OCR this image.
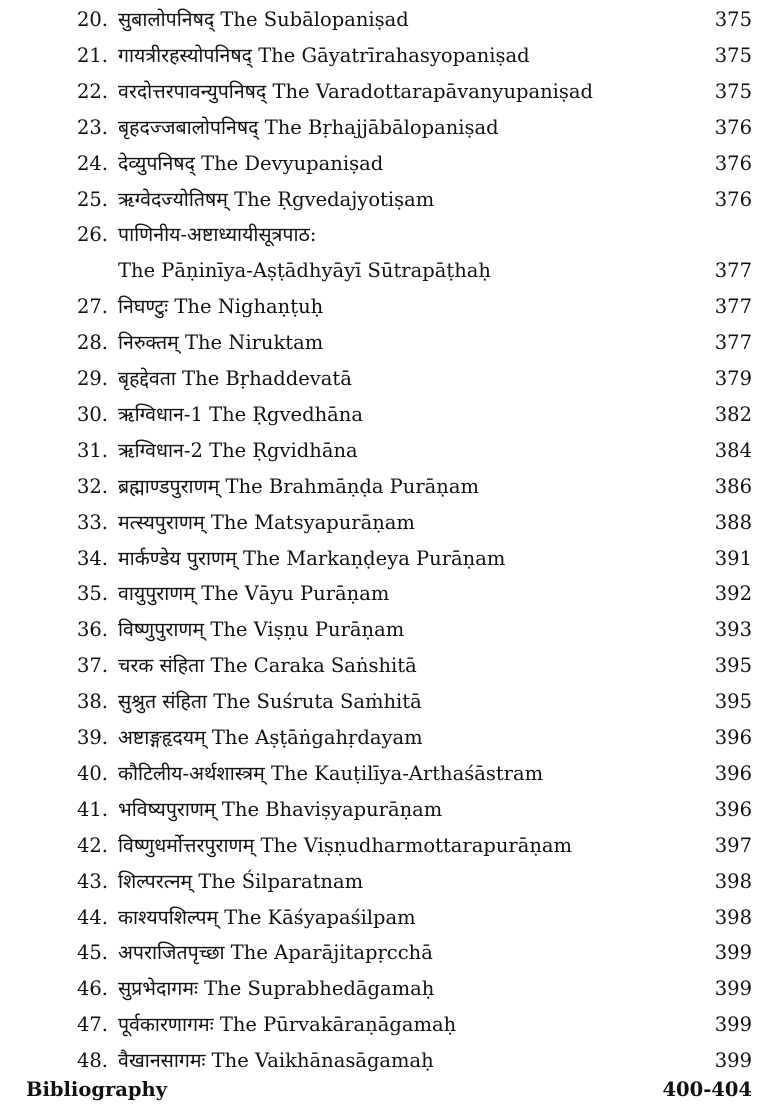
20. सुबालोपनिषद् The Subālopaniṣad	375
21. गायत्रीरहस्योपनिषद् The Gāyatrīrahasyopaniṣad	375
22. वरदोत्तरपावन्युपनिषद् The Varadottarapāvanyupaniṣad	375
23. बृहदज्जबालोपनिषद् The Bṛhajjābālopaniṣad	376
24. देव्युपनिषद् The Devyupaniṣad	376
25. ऋग्वेदज्योतिषम् The Ṛgvedajyotiṣam	376
26. पाणिनीय-अष्टाध्यायीसूत्रपाठ:
The Pāṇinīya-Aṣṭādhyāyī Sūtrapāṭhaḥ	377
27. निघण्टुः The Nighaṇṭuḥ	377
28. निरुक्तम् The Niruktam	377
29. बृहद्देवता The Bṛhaddevatā	379
30. ऋग्विधान-1 The Ṛgvedhāna	382
31. ऋग्विधान-2 The Ṛgvidhāna	384
32. ब्रह्माण्डपुराणम् The Brahmāṇḍa Purāṇam	386
33. मत्स्यपुराणम् The Matsyapurāṇam	388
34. मार्कण्डेय पुराणम् The Markaṇḍeya Purāṇam	391
35. वायुपुराणम् The Vāyu Purāṇam	392
36. विष्णुपुराणम् The Viṣṇu Purāṇam	393
37. चरक संहिता The Caraka Saṅshitā	395
38. सुश्रुत संहिता The Suśruta Saṁhitā	395
39. अष्टाङ्गहृदयम् The Aṣṭāṅgahṛdayam	396
40. कौटिलीय-अर्थशास्त्रम् The Kauṭilīya-Arthaśāstram	396
41. भविष्यपुराणम् The Bhaviṣyapurāṇam	396
42. विष्णुधर्मोत्तरपुराणम् The Viṣṇudharmottarapurāṇam	397
43. शिल्परत्नम् The Śilparatnam	398
44. काश्यपशिल्पम् The Kāśyapaśilpam	398
45. अपराजितपृच्छा The Aparājitapṛcchā	399
46. सुप्रभेदागमः The Suprabhedāgamaḥ	399
47. पूर्वकारणागमः The Pūrvakāraṇāgamaḥ	399
48. वैखानसागमः The Vaikhānasāgamaḥ	399
Bibliography	400-404
